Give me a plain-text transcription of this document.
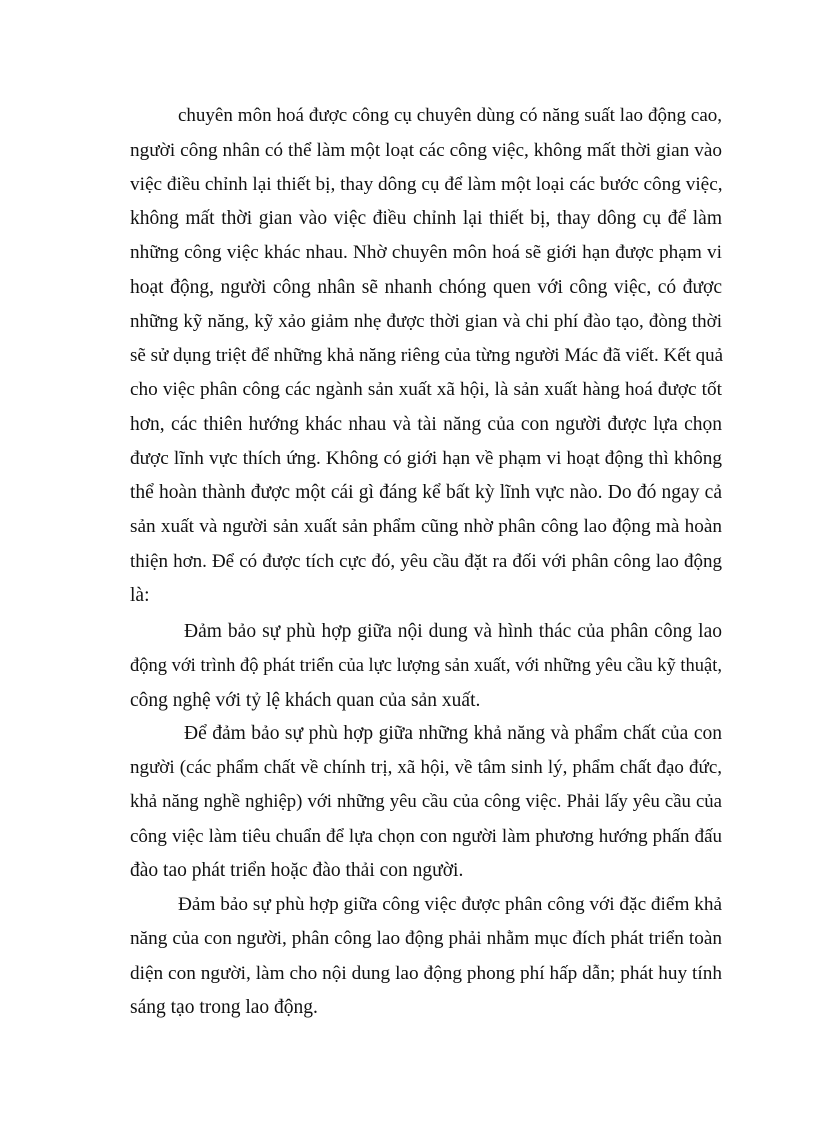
chuyên môn hoá được công cụ chuyên dùng có năng suất lao động cao,
người công nhân có thể làm một loạt các công việc, không mất thời gian vào
việc điều chỉnh lại thiết bị, thay dông cụ để làm một loại các bước công việc,
không mất thời gian vào việc điều chỉnh lại thiết bị, thay dông cụ để làm
những công việc khác nhau. Nhờ chuyên môn hoá sẽ giới hạn được phạm vi
hoạt động, người công nhân sẽ nhanh chóng quen với công việc, có được
những kỹ năng, kỹ xảo giảm nhẹ được thời gian và chi phí đào tạo, đòng thời
sẽ sử dụng triệt để những khả năng riêng của từng người Mác đã viết. Kết quả
cho việc phân công các ngành sản xuất xã hội, là sản xuất hàng hoá được tốt
hơn, các thiên hướng khác nhau và tài năng của con người được lựa chọn
được lĩnh vực thích ứng. Không có giới hạn về phạm vi hoạt động thì không
thể hoàn thành được một cái gì đáng kể bất kỳ lĩnh vực nào. Do đó ngay cả
sản xuất và người sản xuất sản phẩm cũng nhờ phân công lao động mà hoàn
thiện hơn. Để có được tích cực đó, yêu cầu đặt ra đối với phân công lao động
là:
Đảm bảo sự phù hợp giữa nội dung và hình thác của phân công lao
động với trình độ phát triển của lực lượng sản xuất, với những yêu cầu kỹ thuật,
công nghệ với tỷ lệ khách quan của sản xuất.
Để đảm bảo sự phù hợp giữa những khả năng và phẩm chất của con
người (các phẩm chất về chính trị, xã hội, về tâm sinh lý, phẩm chất đạo đức,
khả năng nghề nghiệp) với những yêu cầu của công việc. Phải lấy yêu cầu của
công việc làm tiêu chuẩn để lựa chọn con người làm phương hướng phấn đấu
đào tao phát triển hoặc đào thải con người.
Đảm bảo sự phù hợp giữa công việc được phân công với đặc điểm khả
năng của con người, phân công lao động phải nhằm mục đích phát triển toàn
diện con người, làm cho nội dung lao động phong phí hấp dẫn; phát huy tính
sáng tạo trong lao động.
